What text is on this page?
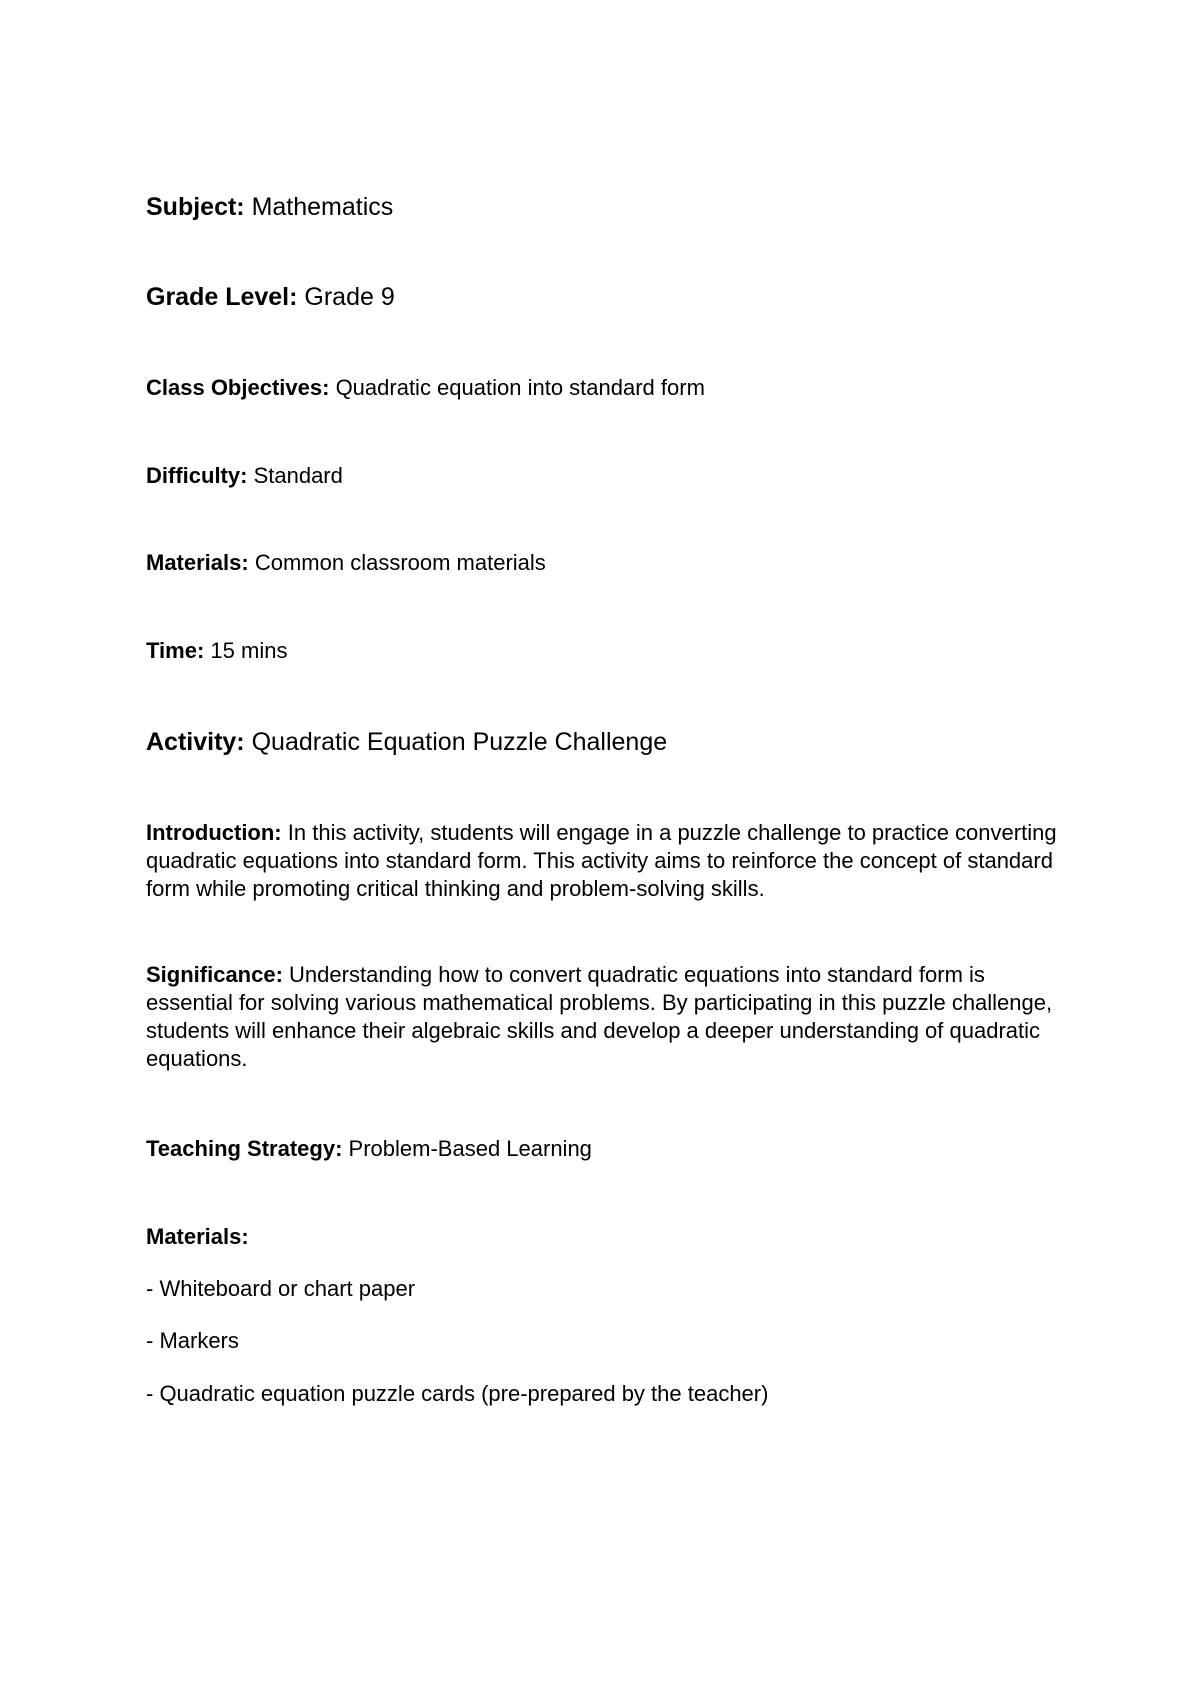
Subject: Mathematics

Grade Level: Grade 9

Class Objectives: Quadratic equation into standard form

Difficulty: Standard

Materials: Common classroom materials

Time: 15 mins

Activity: Quadratic Equation Puzzle Challenge

Introduction: In this activity, students will engage in a puzzle challenge to practice converting quadratic equations into standard form. This activity aims to reinforce the concept of standard form while promoting critical thinking and problem-solving skills.

Significance: Understanding how to convert quadratic equations into standard form is essential for solving various mathematical problems. By participating in this puzzle challenge, students will enhance their algebraic skills and develop a deeper understanding of quadratic equations.

Teaching Strategy: Problem-Based Learning

Materials:

- Whiteboard or chart paper

- Markers

- Quadratic equation puzzle cards (pre-prepared by the teacher)
